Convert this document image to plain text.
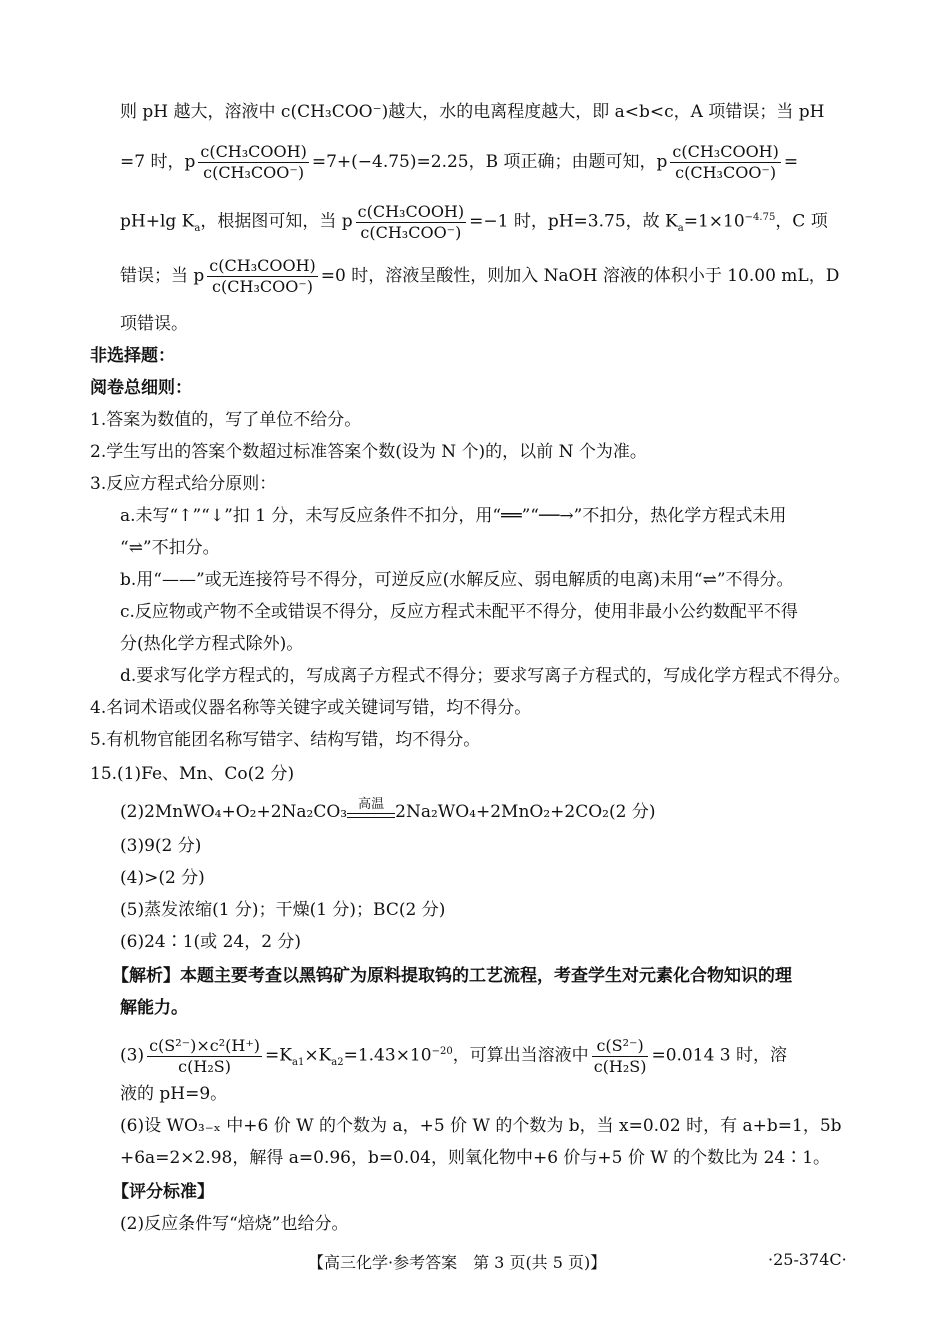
则 pH 越大，溶液中 c(CH₃COO⁻)越大，水的电离程度越大，即 a<b<c，A 项错误；当 pH
=7 时，p $\frac{\text{c(CH₃COOH)}}{\text{c(CH₃COO⁻)}} =7+(-4.75)=2.25$，B 项正确；由题可知，p $\frac{\text{c(CH₃COOH)}}{\text{c(CH₃COO⁻)}}$ =
pH+lg $K_a$，根据图可知，当 p $\frac{\text{c(CH₃COOH)}}{\text{c(CH₃COO⁻)}} =-1$ 时，pH=3.75，故 $K_a=1\times 10^{-4.75}$，C 项
错误；当 p $\frac{\text{c(CH₃COOH)}}{\text{c(CH₃COO⁻)}} =0$ 时，溶液呈酸性，则加入 NaOH 溶液的体积小于 10.00 mL，D
项错误。
非选择题：
阅卷总细则：
1.答案为数值的，写了单位不给分。
2.学生写出的答案个数超过标准答案个数(设为 N 个)的，以前 N 个为准。
3.反应方程式给分原则：
a.未写“↑”“↓”扣 1 分，未写反应条件不扣分，用“══”“──→”不扣分，热化学方程式未用
“⇌”不扣分。
b.用“——”或无连接符号不得分，可逆反应(水解反应、弱电解质的电离)未用“⇌”不得分。
c.反应物或产物不全或错误不得分，反应方程式未配平不得分，使用非最小公约数配平不得
分(热化学方程式除外)。
d.要求写化学方程式的，写成离子方程式不得分；要求写离子方程式的，写成化学方程式不得分。
4.名词术语或仪器名称等关键字或关键词写错，均不得分。
5.有机物官能团名称写错字、结构写错，均不得分。
15.(1)Fe、Mn、Co(2 分)
(2)2MnWO₄+O₂+2Na₂CO₃ 高温 2Na₂WO₄+2MnO₂+2CO₂(2 分)
(3)9(2 分)
(4)>(2 分)
(5)蒸发浓缩(1 分)；干燥(1 分)；BC(2 分)
(6)24∶1(或 24，2 分)
【解析】本题主要考查以黑钨矿为原料提取钨的工艺流程，考查学生对元素化合物知识的理
解能力。
$(3) \frac{\text{c(S²⁻)×c²(H⁺)}}{\text{c(H₂S)}} =K_{a1}\times K_{a2}=1.43\times 10^{-20}$，可算出当溶液中 $\frac{\text{c(S²⁻)}}{\text{c(H₂S)}} =0.014$ 3 时，溶
液的 pH=9。
(6)设 WO₃₋ₓ 中+6 价 W 的个数为 a，+5 价 W 的个数为 b，当 x=0.02 时，有 a+b=1，5b
+6a=2×2.98，解得 a=0.96，b=0.04，则氧化物中+6 价与+5 价 W 的个数比为 24∶1。
【评分标准】
(2)反应条件写“焙烧”也给分。
【高三化学·参考答案　第 3 页(共 5 页)】	·25-374C·
